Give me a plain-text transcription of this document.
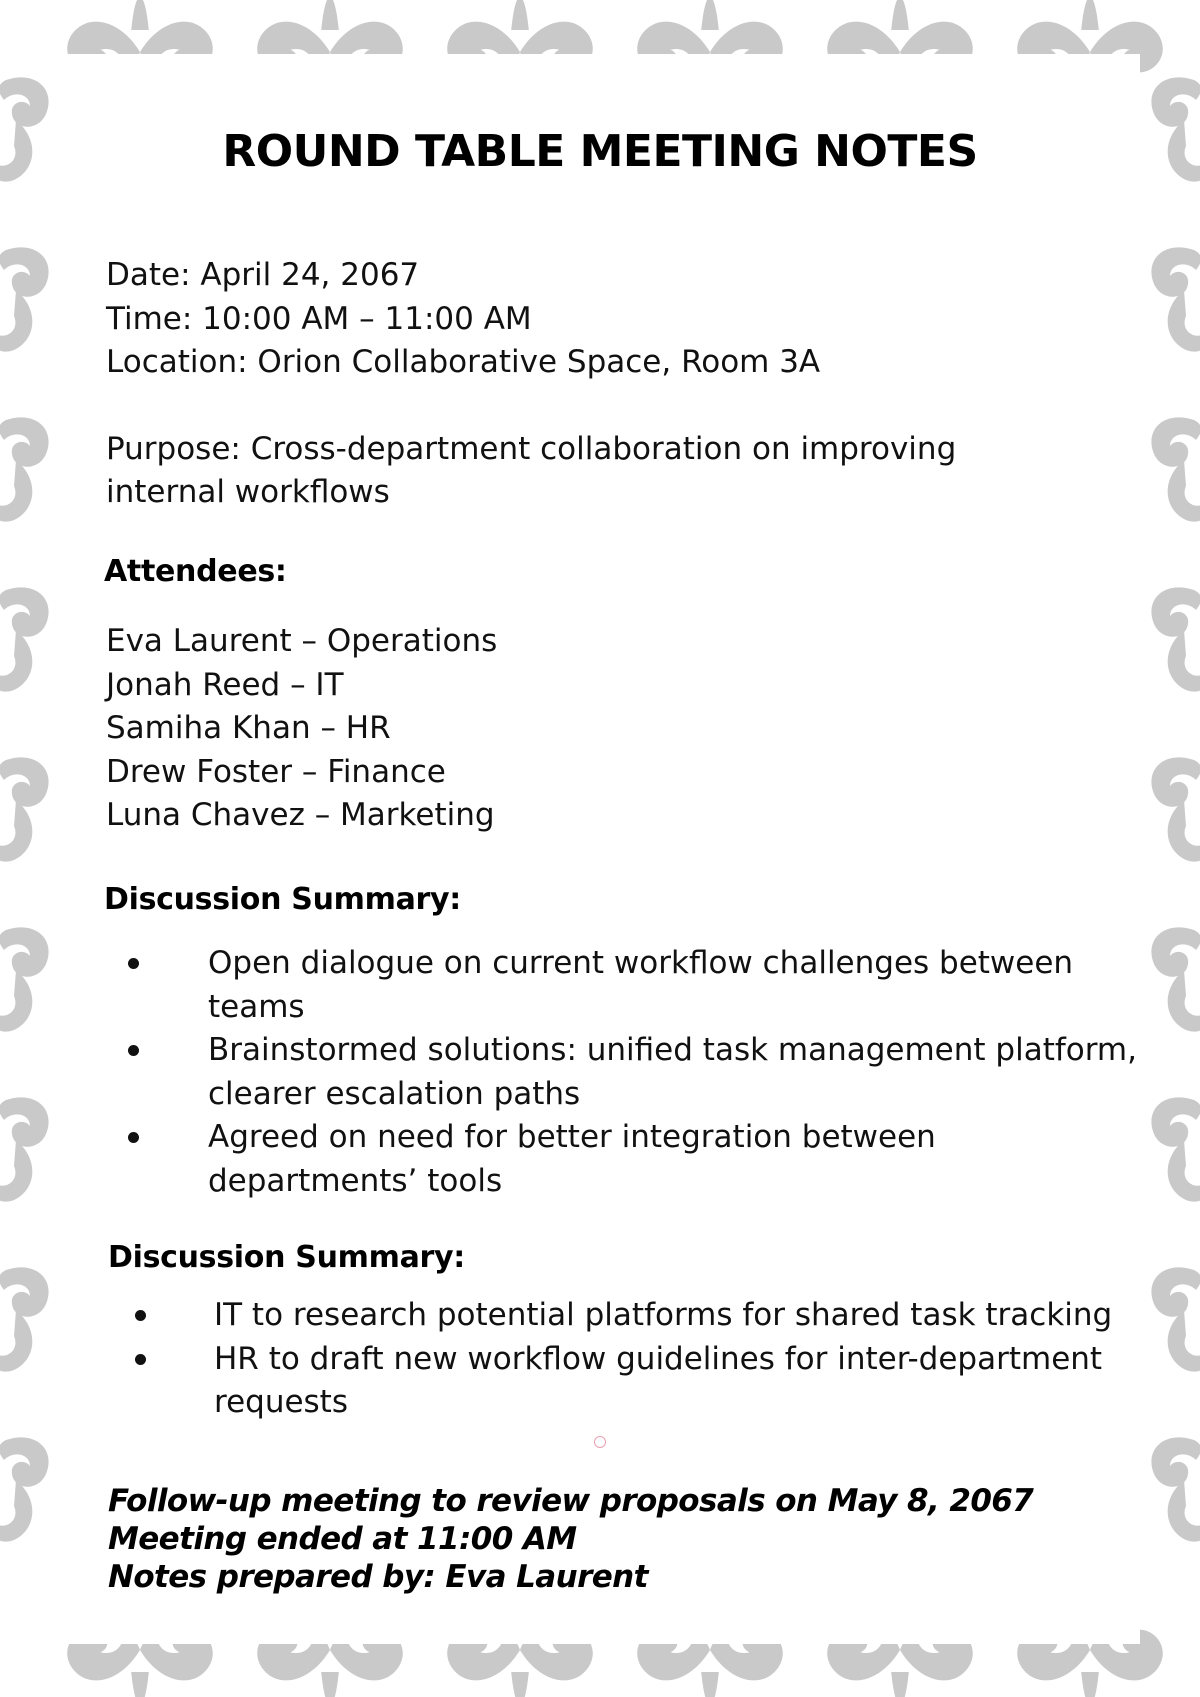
ROUND TABLE MEETING NOTES
Date: April 24, 2067
Time: 10:00 AM – 11:00 AM
Location: Orion Collaborative Space, Room 3A
Purpose: Cross-department collaboration on improving internal workflows
Attendees:
Eva Laurent – Operations
Jonah Reed – IT
Samiha Khan – HR
Drew Foster – Finance
Luna Chavez – Marketing
Discussion Summary:
Open dialogue on current workflow challenges between teams
Brainstormed solutions: unified task management platform, clearer escalation paths
Agreed on need for better integration between departments’ tools
Discussion Summary:
IT to research potential platforms for shared task tracking
HR to draft new workflow guidelines for inter-department requests
Follow-up meeting to review proposals on May 8, 2067
Meeting ended at 11:00 AM
Notes prepared by: Eva Laurent
